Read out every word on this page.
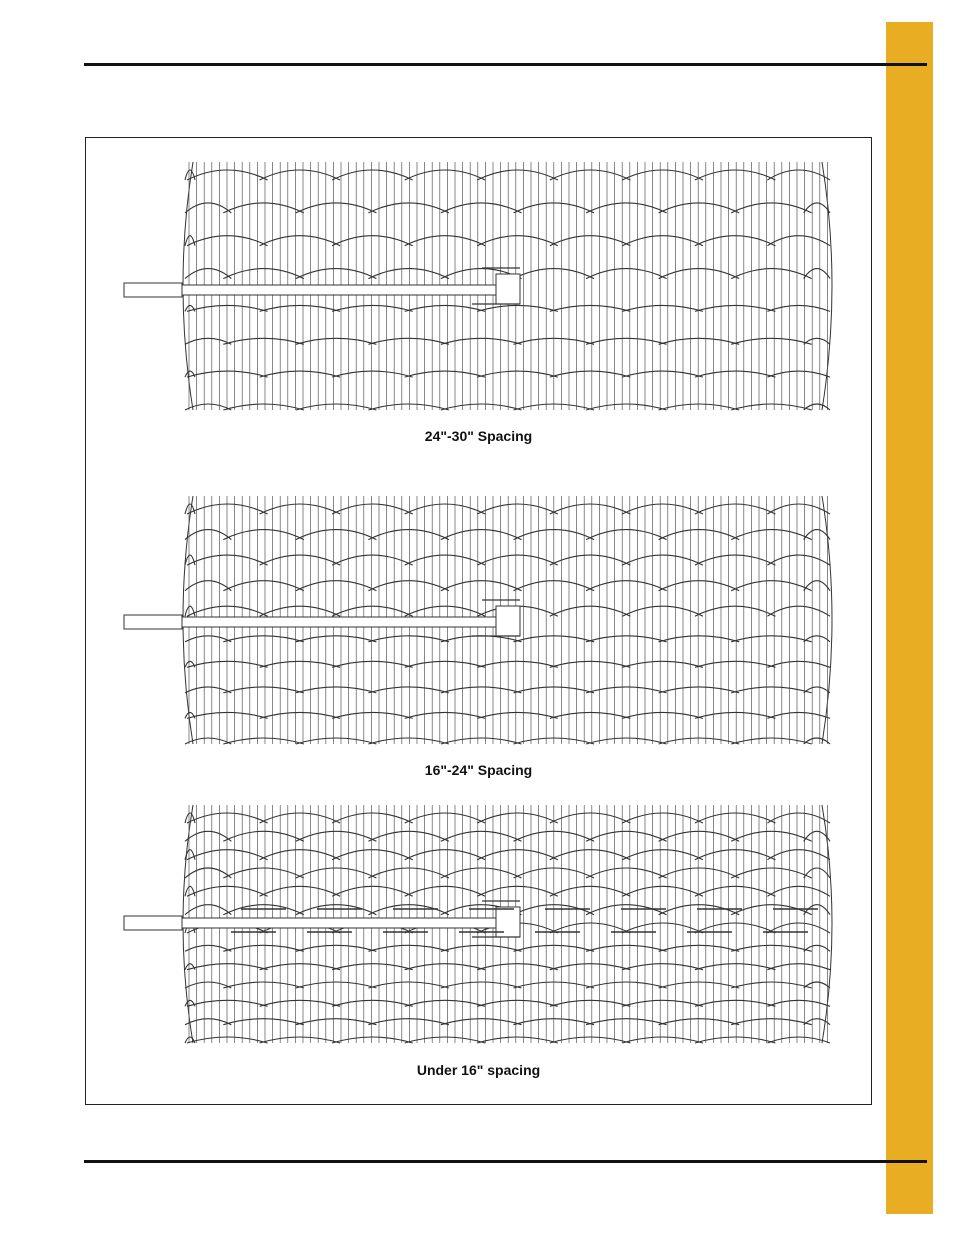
24"-30" Spacing
16"-24" Spacing
Under 16" spacing
